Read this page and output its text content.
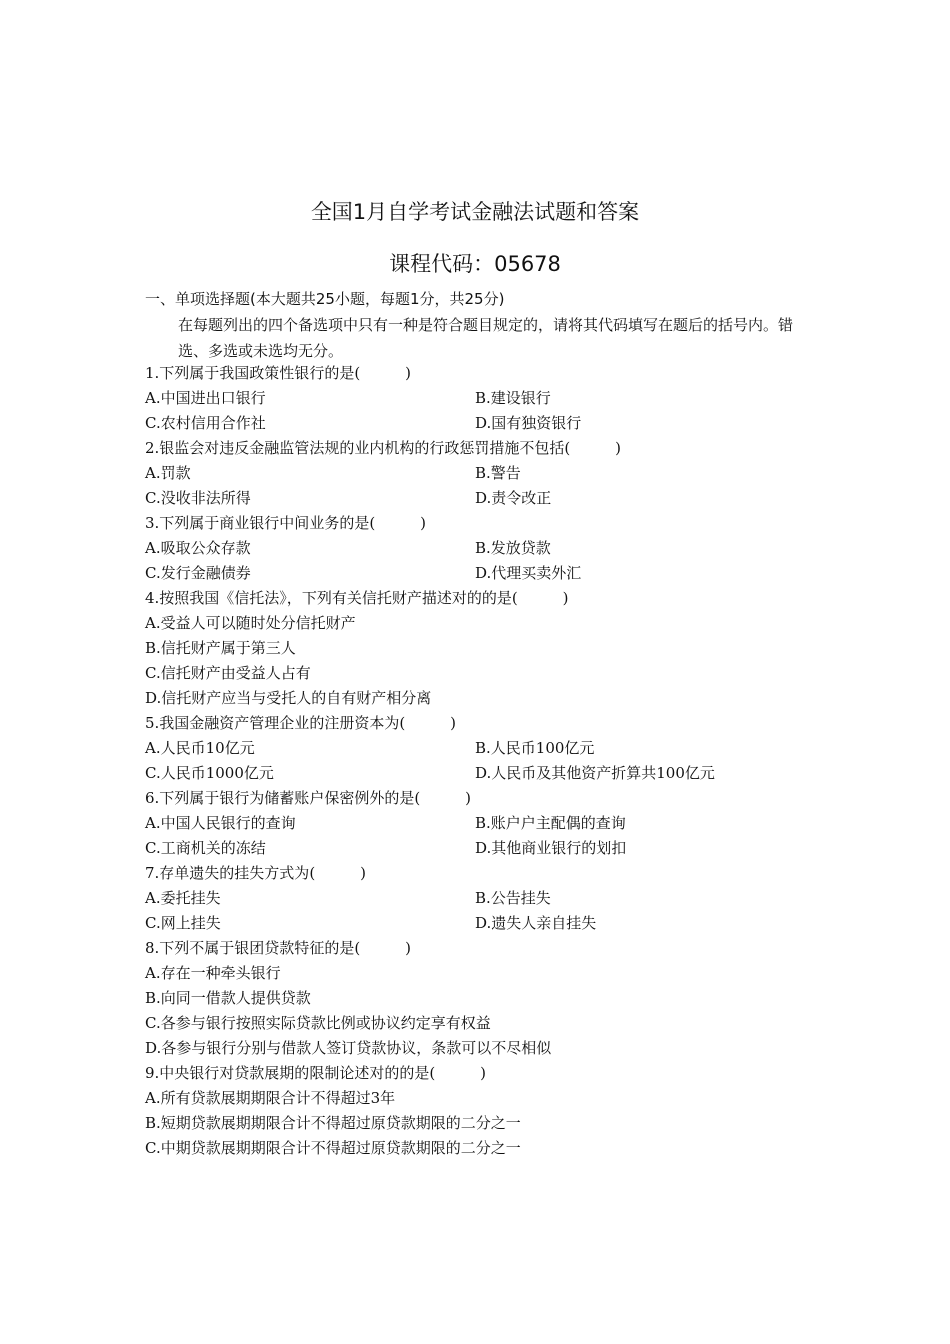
全国1月自学考试金融法试题和答案
课程代码：05678
一、单项选择题(本大题共25小题，每题1分，共25分)
在每题列出的四个备选项中只有一种是符合题目规定的，请将其代码填写在题后的括号内。错选、多选或未选均无分。
1.下列属于我国政策性银行的是(　　　)
A.中国进出口银行	B.建设银行
C.农村信用合作社	D.国有独资银行
2.银监会对违反金融监管法规的业内机构的行政惩罚措施不包括(　　　)
A.罚款	B.警告
C.没收非法所得	D.责令改正
3.下列属于商业银行中间业务的是(　　　)
A.吸取公众存款	B.发放贷款
C.发行金融债券	D.代理买卖外汇
4.按照我国《信托法》，下列有关信托财产描述对的的是(　　　)
A.受益人可以随时处分信托财产
B.信托财产属于第三人
C.信托财产由受益人占有
D.信托财产应当与受托人的自有财产相分离
5.我国金融资产管理企业的注册资本为(　　　)
A.人民币10亿元	B.人民币100亿元
C.人民币1000亿元	D.人民币及其他资产折算共100亿元
6.下列属于银行为储蓄账户保密例外的是(　　　)
A.中国人民银行的查询	B.账户户主配偶的查询
C.工商机关的冻结	D.其他商业银行的划扣
7.存单遗失的挂失方式为(　　　)
A.委托挂失	B.公告挂失
C.网上挂失	D.遗失人亲自挂失
8.下列不属于银团贷款特征的是(　　　)
A.存在一种牵头银行
B.向同一借款人提供贷款
C.各参与银行按照实际贷款比例或协议约定享有权益
D.各参与银行分别与借款人签订贷款协议，条款可以不尽相似
9.中央银行对贷款展期的限制论述对的的是(　　　)
A.所有贷款展期期限合计不得超过3年
B.短期贷款展期期限合计不得超过原贷款期限的二分之一
C.中期贷款展期期限合计不得超过原贷款期限的二分之一
